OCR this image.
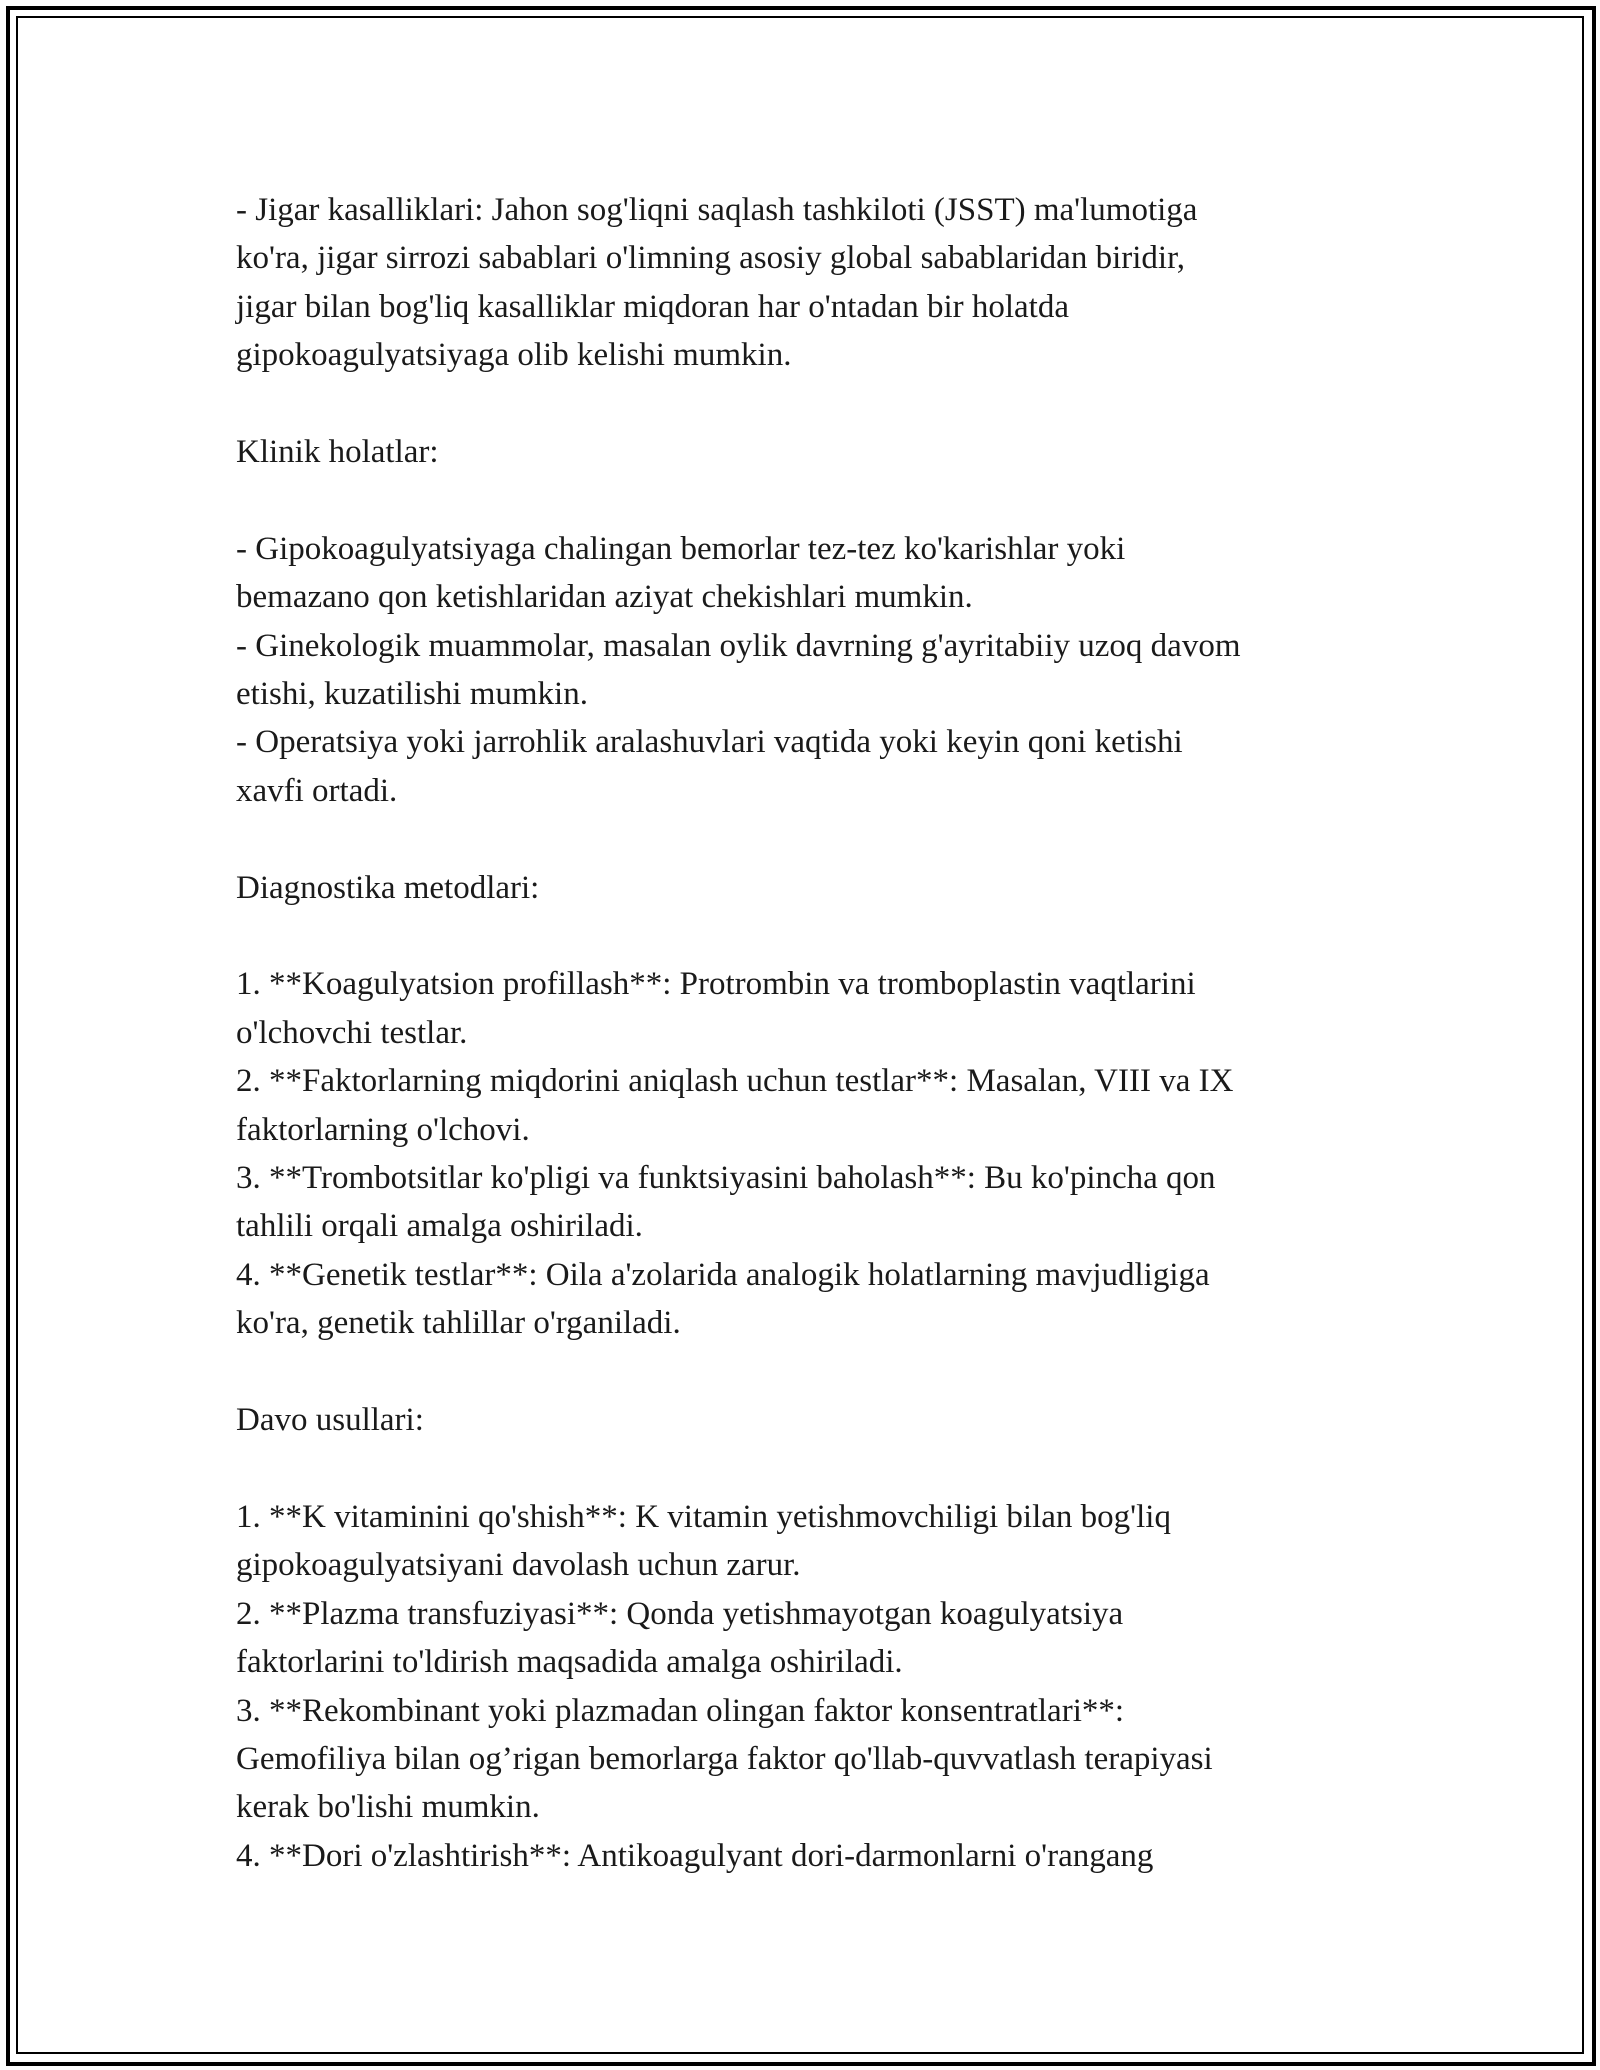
- Jigar kasalliklari: Jahon sog'liqni saqlash tashkiloti (JSST) ma'lumotiga
ko'ra, jigar sirrozi sabablari o'limning asosiy global sabablaridan biridir,
jigar bilan bog'liq kasalliklar miqdoran har o'ntadan bir holatda
gipokoagulyatsiyaga olib kelishi mumkin.
Klinik holatlar:
- Gipokoagulyatsiyaga chalingan bemorlar tez-tez ko'karishlar yoki
bemazano qon ketishlaridan aziyat chekishlari mumkin.
- Ginekologik muammolar, masalan oylik davrning g'ayritabiiy uzoq davom
etishi, kuzatilishi mumkin.
- Operatsiya yoki jarrohlik aralashuvlari vaqtida yoki keyin qoni ketishi
xavfi ortadi.
Diagnostika metodlari:
1. **Koagulyatsion profillash**: Protrombin va tromboplastin vaqtlarini
o'lchovchi testlar.
2. **Faktorlarning miqdorini aniqlash uchun testlar**: Masalan, VIII va IX
faktorlarning o'lchovi.
3. **Trombotsitlar ko'pligi va funktsiyasini baholash**: Bu ko'pincha qon
tahlili orqali amalga oshiriladi.
4. **Genetik testlar**: Oila a'zolarida analogik holatlarning mavjudligiga
ko'ra, genetik tahlillar o'rganiladi.
Davo usullari:
1. **K vitaminini qo'shish**: K vitamin yetishmovchiligi bilan bog'liq
gipokoagulyatsiyani davolash uchun zarur.
2. **Plazma transfuziyasi**: Qonda yetishmayotgan koagulyatsiya
faktorlarini to'ldirish maqsadida amalga oshiriladi.
3. **Rekombinant yoki plazmadan olingan faktor konsentratlari**:
Gemofiliya bilan og’rigan bemorlarga faktor qo'llab-quvvatlash terapiyasi
kerak bo'lishi mumkin.
4. **Dori o'zlashtirish**: Antikoagulyant dori-darmonlarni o'rangang
